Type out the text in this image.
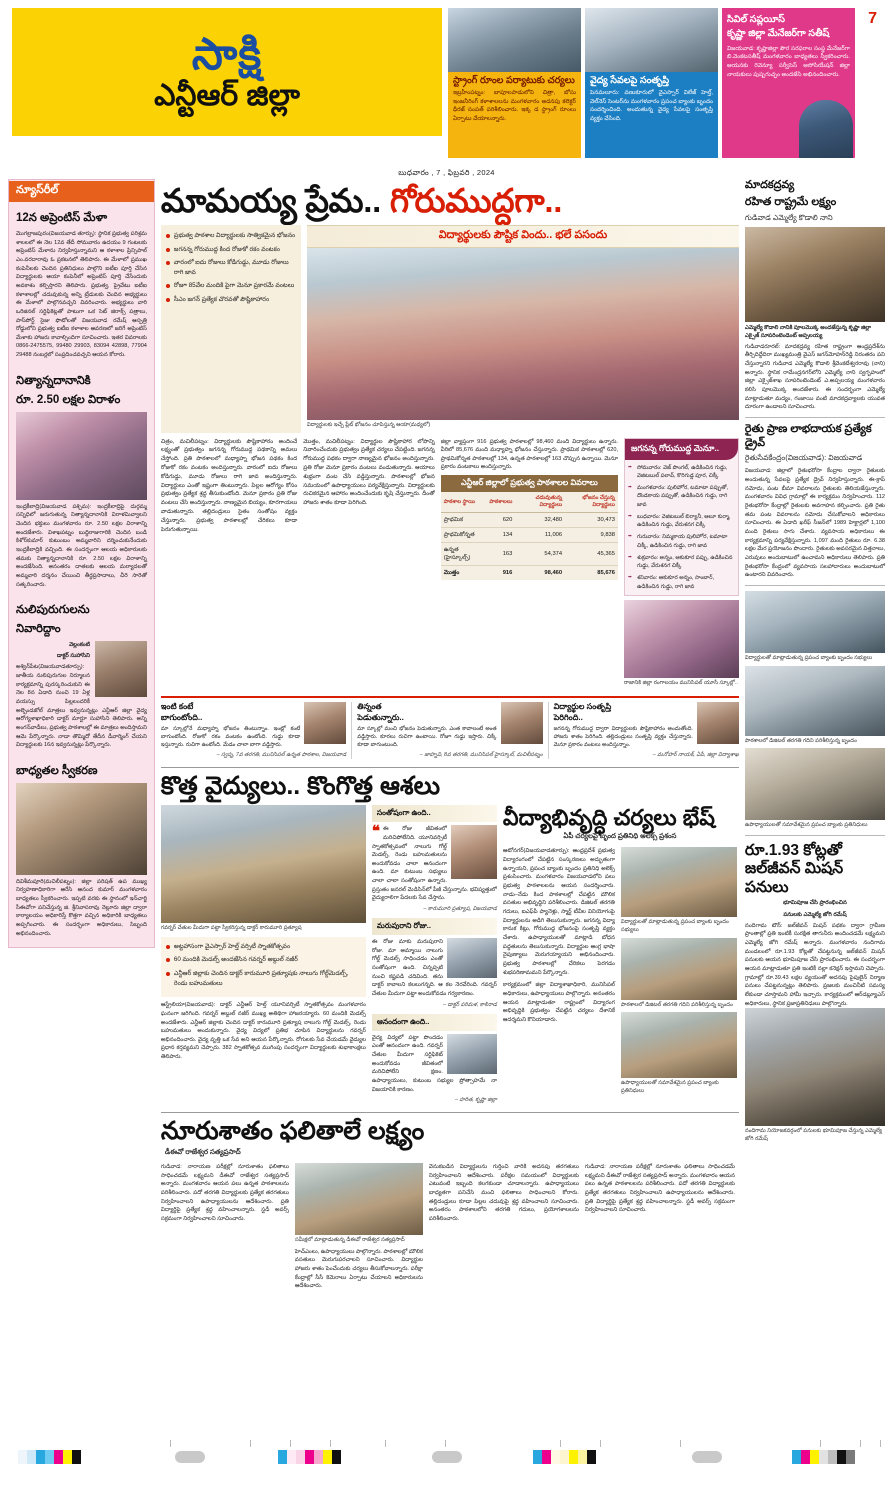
సాక్షి
ఎన్టీఆర్ జిల్లా
7
స్ట్రాంగ్ రూంల పర్యాటుకు చర్యలు
ఇబ్రహీంపట్నం: బాపూలపాడులోని చిత్రా, బోసు ఇంజనీరింగ్ కళాశాలలను మంగళవారం అదనపు కలెక్టర్ ధీరజ్ సంపత్ పరిశీలించారు. ఇక్క డ స్ట్రాంగ్ రూంలు ఏర్పాటు చేయాలన్నారు.
వైద్య సేవలపై సంతృప్తి
పెనమలూరు: వణుకూరులో వైఎస్సార్ విలేజ్ హెల్త్, వెల్‌నెస్ సెంటర్‌ను మంగళవారం ప్రపంచ బ్యాంకు బృందం సందర్శించింది. అందుతున్న వైద్య సేవలపై సంతృప్తి వ్యక్తం చేసింది.
సివిల్ సప్లయీస్
కృష్ణా జిల్లా మేనేజర్‌గా సతీష్
విజయవాడ: కృష్ణాజిల్లా పౌర సరఫరాల సంస్థ మేనేజర్‌గా బి.వెంకటసతీష్ మంగళవారం బాధ్యతలు స్వీకరించారు. ఆయనకు రెవెన్యూ సర్వీసెస్ అసోసియేషన్ జిల్లా నాయకులు పుష్పగుచ్ఛం అందజేసి అభినందించారు.
బుధవారం , 7 , ఫిబ్రవరి , 2024
న్యూస్‌రీల్
12న అప్రెంటిస్ మేళా
మొగల్రాజపురం(విజయవాడ తూర్పు): స్థానిక ప్రభుత్వ పరిశ్రమ శాలలలో ఈ నెల 12వ తేదీ సోమవారం ఉదయం 9 గంటలకు అప్రెంటిస్ మేళాను నిర్వహిస్తున్నామని ఆ కళాశాల ప్రిన్సిపాల్ ఎం.వరదారావు ఓ ప్రకటనలో తెలిపారు. ఈ మేళాలో ప్రముఖ కంపెనీలకు చెందిన ప్రతినిధులు పాల్గొని ఐటీఐ పూర్తి చేసిన విద్యార్థులకు ఆయా కంపెనీలో అప్రెంటిస్ పూర్తి చేసేందుకు అవకాశం కల్పిస్తారని తెలిపారు. ప్రభుత్వ, ప్రైవేటు ఐటీఐ కళాశాలల్లో చదువుకున్న అన్ని ట్రేడులకు చెందిన అభ్యర్థులు ఈ మేళాలో పాల్గొనవచ్చని వివరించారు. అభ్యర్థులు వారి ఒరిజినల్ సర్టిఫికెట్లతో పాటుగా ఒక సెట్ జిరాక్స్ పత్రాలు, పాస్‌పోర్ట్ సైజు ఫొటోలతో విజయవాడ రమేష్ ఆస్పత్రి రోడ్డులోని ప్రభుత్వ ఐటీఐ కళాశాల ఆవరణలో జరిగే అప్రెంటిస్ మేళాకు హాజరు కావాల్సిందిగా సూచించారు. ఇతర వివరాలకు 0866-2475575, 99480 29903, 83094 42898, 77904 29488 నంబర్లలో సంప్రదించవచ్చని ఆయన కోరారు.
నిత్యాన్నదానానికి
రూ. 2.50 లక్షల విరాళం
ఇంద్రకీలాద్రి(విజయవాడ పశ్చిమ): ఇంద్రకీలాద్రిపై దుర్గమ్మ సన్నిధిలో జరుగుతున్న నిత్యాన్నదానానికి విరాళమివ్వాలని చెందిన భక్తులు మంగళవారం రూ. 2.50 లక్షల విరాళాన్ని అందజేశారు. విశాఖపట్నం బుద్ధిరాజుగారికి చెందిన బండి కిశోర్‌కుమార్ కుటుంబం అమ్మవారిని దర్శించుకునేందుకు ఇంద్రకీలాద్రికి వచ్చింది. ఈ సందర్భంగా ఆలయ అధికారులకు తమకు నిత్యాన్నదానానికి రూ. 2.50 లక్షల విరాళాన్ని అందజేసింది. అనంతరం దాతలకు ఆలయ మర్యాదలతో అమ్మవారి దర్శనం చేయించి తీర్థప్రసాదాలు, చీరె సారెతో సత్కరించారు.
నులిపురుగులను
నివారిద్దాం
వెల్లంకంటి
డాక్టర్ సుహాసిని
అశ్విన్‌పేట(విజయవాడతూర్పు): జాతీయ నులిపురుగుల నిర్మూలన కార్యక్రమాన్ని పురస్కరించుకుని ఈ నెల 8న ఏడాది నుంచి 19 ఏళ్ల వయస్సు పిల్లలందరికీ అల్బెండజోల్ మాత్రలు ఇవ్వనున్నట్లు ఎన్టీఆర్ జిల్లా వైద్య ఆరోగ్యశాఖాధికారి డాక్టర్ మార్టూ సుహాసిని తెలిపారు. అన్ని అంగన్‌వాడీలు, ప్రభుత్వ పాఠశాలల్లో ఈ మాత్రలు అందిస్తామని ఆమె పేర్కొన్నారు. నాడా తొమ్మిదో తేదీన డీవార్మింగ్ చేయని విద్యార్థులకు 16న ఇవ్వనున్నట్లు పేర్కొన్నారు.
బాధ్యతల స్వీకరణ
దివిశీమపూరి(మచిలీపట్నం): జిల్లా పరిషత్ ఉప ముఖ్య నిర్వహణాధికారిగా ఆరేసి ఆనంద కుమార్ మంగళవారం బాధ్యతలు స్వీకరించారు. ఇప్పటి వరకు ఈ స్థానంలో ఇన్‌చార్జి సీఈవోగా పనిచేస్తున్న జి. శ్రీనివాసరావు నెల్లూరు జిల్లా ద్వారా కార్యాలయం అధికారిస్తే కొత్తగా వచ్చిన అధికారికి బాధ్యతలు అప్పగించారు. ఈ సందర్భంగా అధికారులు, సిబ్బంది అభినందించారు.
మామయ్య ప్రేమ.. గోరుముద్దగా..
ప్రభుత్వ పాఠశాల విద్యార్థులకు సాత్వికమైన భోజనం
జగనన్న గోరుముద్ద కింద రోజుకో రకం వంటకం
వారంలో ఐదు రోజులు కోడిగుడ్డు, మూడు రోజులు రాగి జావ
రోజూ 85వేల మందికి పైగా మెనూ ప్రకారమే వంటలు
సీఎం జగన్ ప్రత్యేక చొరవతో పౌష్టికాహారం
విద్యార్థులకు పౌష్టిక విందు.. భలే పసందు
విద్యార్థులకు ఇచ్చే ప్లేట్ భోజనం చూపిస్తున్న ఆయా(మధ్యలో)
చిత్రం, మచిలీపట్నం: విద్యార్థులకు పౌష్టికాహారం అందించే లక్ష్యంతో ప్రభుత్వం జగనన్న గోరుముద్ద పథకాన్ని అమలు చేస్తోంది. ప్రతి పాఠశాలలో మధ్యాహ్న భోజన పథకం కింద రోజుకో రకం వంటకం అందిస్తున్నారు. వారంలో ఐదు రోజులు కోడిగుడ్డు, మూడు రోజులు రాగి జావ అందిస్తున్నారు. విద్యార్థులు ఎంతో ఇష్టంగా తింటున్నారు. పిల్లల ఆరోగ్యం కోసం ప్రభుత్వం ప్రత్యేక శ్రద్ధ తీసుకుంటోంది. మెనూ ప్రకారం ప్రతి రోజు వంటలు చేసి అందిస్తున్నారు. నాణ్యమైన బియ్యం, కూరగాయలు వాడుతున్నారు. తల్లిదండ్రులు సైతం సంతోషం వ్యక్తం చేస్తున్నారు. ప్రభుత్వ పాఠశాలల్లో చేరికలు కూడా పెరుగుతున్నాయి.
మొత్తం, మచిలీపట్నం: విద్యార్థుల పౌష్టికాహార లోపాన్ని నివారించేందుకు ప్రభుత్వం ప్రత్యేక చర్యలు చేపట్టింది. జగనన్న గోరుముద్ద పథకం ద్వారా నాణ్యమైన భోజనం అందిస్తున్నారు. ప్రతి రోజు మెనూ ప్రకారం వంటలు వండుతున్నారు. ఆయాలు శుభ్రంగా వంట చేసి వడ్డిస్తున్నారు. పాఠశాలల్లో భోజన సమయంలో ఉపాధ్యాయులు పర్యవేక్షిస్తున్నారు. విద్యార్థులకు రుచికరమైన ఆహారం అందించేందుకు కృషి చేస్తున్నారు. దీంతో హాజరు శాతం కూడా పెరిగింది.
జిల్లా వ్యాప్తంగా 916 ప్రభుత్వ పాఠశాలల్లో 98,460 మంది విద్యార్థులు ఉన్నారు. వీరిలో 85,676 మంది మధ్యాహ్న భోజనం చేస్తున్నారు. ప్రాథమిక పాఠశాలల్లో 620, ప్రాథమికోన్నత పాఠశాలల్లో 134, ఉన్నత పాఠశాలల్లో 163 చొప్పున ఉన్నాయి. మెనూ ప్రకారం వంటకాలు అందిస్తున్నారు.
ఎన్టీఆర్ జిల్లాలో ప్రభుత్వ పాఠశాలల వివరాలు
పాఠశాల స్థాయి	పాఠశాలలు	చదువుతున్న విద్యార్థులు	భోజనం చేస్తున్న విద్యార్థులు
ప్రాథమిక	620	32,480	30,473
ప్రాథమికోన్నత	134	11,006	9,838
ఉన్నత (హైస్కూల్స్)	163	54,374	45,365
మొత్తం	916	98,460	85,676
జగనన్న గోరుముద్ద మెనూ..
➡ సోమవారం: వెజ్ పొంగల్, ఉడికించిన గుడ్డు, వెజిటబుల్ పలావ్, కొరిగుడ్డ పూర, చిక్కీ
➡ మంగళవారం: పులిహోర, టమాటా పప్పుతో, దొండకాయ పప్పుతో, ఉడికించిన గుడ్డు, రాగి జావ
➡ బుధవారం: వెజిటబుల్ బిర్యానీ, ఆలూ కుర్మా, ఉడికించిన గుడ్డు, వేరుశనగ చిక్కీ
➡ గురువారం: నిమ్మకాయ పులిహోర, టమాటా చిక్కీ, ఉడికించిన గుడ్డు, రాగి జావ
➡ శుక్రవారం: అన్నం, ఆకుకూర పప్పు, ఉడికించిన గుడ్డు, వేరుశనగ చిక్కీ
➡ శనివారం: ఆకుకూర అన్నం, సాంబార్, ఉడికించిన గుడ్డు, రాగి జావ
రాజానికి జిల్లా రంగాలయం మునిసిపల్ యూసీ స్కూల్లో..
ఇంటి కంటే
బాగుంటోంది..
మా స్కూల్లోనే మధ్యాహ్న భోజనం తింటున్నాం. ఇంట్లో కంటే బాగుంటోంది. రోజుకో రకం వంటకం ఉంటోంది. గుడ్డు కూడా ఇస్తున్నారు. రుచిగా ఉంటోంది. మేడం చాలా బాగా వడ్డిస్తారు.
– స్వప్న, 7వ తరగతి, మునిసిపల్ ఉన్నత పాఠశాల, విజయవాడ
తిన్నంత
పెడుతున్నారు..
మా స్కూల్లో మంచి భోజనం పెడుతున్నారు. ఎంత కావాలంటే అంత వడ్డిస్తారు. కూరలు రుచిగా ఉంటాయి. రోజూ గుడ్డు ఇస్తారు. చిక్కీ కూడా బాగుంటుంది.
– జాహ్నవి, 8వ తరగతి, మునిసిపల్ హైస్కూల్, మచిలీపట్నం
విద్యార్థుల సంతృప్తి
పెరిగింది..
జగనన్న గోరుముద్ద ద్వారా విద్యార్థులకు పౌష్టికాహారం అందుతోంది. హాజరు శాతం పెరిగింది. తల్లిదండ్రులు సంతృప్తి వ్యక్తం చేస్తున్నారు. మెనూ ప్రకారం వంటలు అందిస్తున్నాం.
– మనోహర్ నాయక్, ఏపీ, జిల్లా విద్యాశాఖ
కొత్త వైద్యులు.. కొంగొత్త ఆశలు
గవర్నర్ చేతుల మీదుగా పట్టా స్వీకరిస్తున్న డాక్టర్ కారుమూరి ప్రత్యూష
అట్టహాసంగా వైఎస్సార్ హెల్త్ వర్సిటీ స్నాతకోత్సవం
60 మందికి మెడల్స్ అందజేసిన గవర్నర్ అబ్దుల్ నజీర్
ఎన్టీఆర్ జిల్లాకు చెందిన డాక్టర్ కారుమూరి ప్రత్యూషకు నాలుగు గోల్డ్‌మెడల్స్, రెండు బహుమతులు
ఆస్ట్రేలియా(విజయవాడ): డాక్టర్ ఎన్టీఆర్ హెల్త్ యూనివర్సిటీ స్నాతకోత్సవం మంగళవారం ఘనంగా జరిగింది. గవర్నర్ అబ్దుల్ నజీర్ ముఖ్య అతిథిగా హాజరయ్యారు. 60 మందికి మెడల్స్ అందజేశారు. ఎన్టీఆర్ జిల్లాకు చెందిన డాక్టర్ కారుమూరి ప్రత్యూష నాలుగు గోల్డ్ మెడల్స్, రెండు బహుమతులు అందుకున్నారు. వైద్య విద్యలో ప్రతిభ చూపిన విద్యార్థులను గవర్నర్ అభినందించారు. వైద్య వృత్తి ఒక సేవ అని ఆయన పేర్కొన్నారు. రోగులకు సేవ చేయడమే వైద్యుల ప్రధాన కర్తవ్యమని చెప్పారు. 382 స్నాతకోత్సవ ముగింపు సందర్భంగా విద్యార్థులకు శుభాకాంక్షలు తెలిపారు.
సంతోషంగా ఉంది..
❝ ఈ రోజు జీవితంలో మరిచిపోలేనిది. యూనివర్సిటీ స్నాతకోత్సవంలో నాలుగు గోల్డ్ మెడల్స్, రెండు బహుమతులను అందుకోవడం చాలా ఆనందంగా ఉంది. మా కుటుంబ సభ్యులు చాలా చాలా సంతోషంగా ఉన్నారు. ప్రస్తుతం జనరల్ మెడిసిన్‌లో పీజీ చేస్తున్నాను. భవిష్యత్తులో వైద్యురాలిగా పేదలకు సేవ చేస్తాను.
– కారుమూరి ప్రత్యూష, విజయవాడ
మరుపురాని రోజు..
ఈ రోజు మాకు మరుపురాని రోజు. మా అమ్మాయి నాలుగు గోల్డ్ మెడల్స్ సాధించడం ఎంతో సంతోషంగా ఉంది. చిన్నప్పటి నుంచి కష్టపడి చదివింది. తను డాక్టర్ కావాలని కలలుగన్నది. ఆ కల నెరవేరింది. గవర్నర్ చేతుల మీదుగా పట్టా అందుకోవడం గర్వకారణం.
– డాక్టర్ పరిమళ, కాకినాడ
ఆనందంగా ఉంది..
వైద్య విద్యలో పట్టా పొందడం ఎంతో ఆనందంగా ఉంది. గవర్నర్ చేతుల మీదుగా సర్టిఫికెట్ అందుకోవడం జీవితంలో మరిచిపోలేని క్షణం. ఉపాధ్యాయులు, కుటుంబ సభ్యుల ప్రోత్సాహమే నా విజయానికి కారణం.
– హరిత, కృష్ణా జిల్లా
వీద్యాభివృద్ధి చర్యలు భేష్
ఏపీ చర్యలపై బృంద ప్రతినిధి అలెక్స్ ప్రశంస
ఆటోనగర్(విజయవాడతూర్పు): ఆంధ్రప్రదేశ్ ప్రభుత్వ విద్యారంగంలో చేపట్టిన సంస్కరణలు అద్భుతంగా ఉన్నాయని, ప్రపంచ బ్యాంకు బృందం ప్రతినిధి అలెక్స్ ప్రశంసించారు. మంగళవారం విజయవాడలోని పలు ప్రభుత్వ పాఠశాలలను ఆయన సందర్శించారు. నాడు–నేడు కింద పాఠశాలల్లో చేపట్టిన మౌలిక వసతుల అభివృద్ధిని పరిశీలించారు. డిజిటల్ తరగతి గదులు, ఐఎఫ్‌పీ ప్యానెళ్లు, స్మార్ట్ టీవీల వినియోగంపై విద్యార్థులను అడిగి తెలుసుకున్నారు. జగనన్న విద్యా కానుక కిట్లు, గోరుముద్ద భోజనంపై సంతృప్తి వ్యక్తం చేశారు. ఉపాధ్యాయులతో మాట్లాడి బోధన పద్ధతులను తెలుసుకున్నారు. విద్యార్థుల ఆంగ్ల భాషా నైపుణ్యాలు మెరుగయ్యాయని అభినందించారు. ప్రభుత్వ పాఠశాలల్లో చేరికలు పెరగడం శుభపరిణామమని పేర్కొన్నారు.
కార్యక్రమంలో జిల్లా విద్యాశాఖాధికారి, మునిసిపల్ అధికారులు, ఉపాధ్యాయులు పాల్గొన్నారు. అనంతరం ఆయన మాట్లాడుతూ రాష్ట్రంలో విద్యారంగ అభివృద్ధికి ప్రభుత్వం చేపట్టిన చర్యలు దేశానికే ఆదర్శమని కొనియాడారు.
విద్యార్థులతో మాట్లాడుతున్న ప్రపంచ బ్యాంకు బృందం సభ్యులు
పాఠశాలలో డిజిటల్ తరగతి గదిని పరిశీలిస్తున్న బృందం
ఉపాధ్యాయులతో సమావేశమైన ప్రపంచ బ్యాంకు ప్రతినిధులు
నూరుశాతం ఫలితాలే లక్ష్యం
డీఈవో రాజేశ్వర సత్యప్రసాద్
గుడివాడ: నారాయణ పరీక్షల్లో నూరుశాతం ఫలితాలు సాధించడమే లక్ష్యమని డీఈవో రాజేశ్వర సత్యప్రసాద్ అన్నారు. మంగళవారం ఆయన పలు ఉన్నత పాఠశాలలను పరిశీలించారు. పదో తరగతి విద్యార్థులకు ప్రత్యేక తరగతులు నిర్వహించాలని ఉపాధ్యాయులను ఆదేశించారు. ప్రతి విద్యార్థిపై ప్రత్యేక శ్రద్ధ వహించాలన్నారు. స్టడీ అవర్స్ సక్రమంగా నిర్వహించాలని సూచించారు.
సమీక్షలో మాట్లాడుతున్న డీఈవో రాజేశ్వర సత్యప్రసాద్
హెచ్‌ఎంలు, ఉపాధ్యాయులు పాల్గొన్నారు. పాఠశాలల్లో మౌలిక వసతులు మెరుగుపరచాలని సూచించారు. విద్యార్థుల హాజరు శాతం పెంచేందుకు చర్యలు తీసుకోవాలన్నారు. పరీక్షా కేంద్రాల్లో సీసీ కెమెరాలు ఏర్పాటు చేయాలని అధికారులను ఆదేశించారు.
వెనుకబడిన విద్యార్థులను గుర్తించి వారికి అదనపు తరగతులు నిర్వహించాలని ఆదేశించారు. పరీక్షల సమయంలో విద్యార్థులకు ఎటువంటి ఇబ్బంది కలగకుండా చూడాలన్నారు. ఉపాధ్యాయులు బాధ్యతగా పనిచేసి మంచి ఫలితాలు సాధించాలని కోరారు. తల్లిదండ్రులు కూడా పిల్లల చదువుపై శ్రద్ధ వహించాలని సూచించారు. అనంతరం పాఠశాలలోని తరగతి గదులు, ప్రయోగశాలలను పరిశీలించారు.
గుడివాడ: నారాయణ పరీక్షల్లో నూరుశాతం ఫలితాలు సాధించడమే లక్ష్యమని డీఈవో రాజేశ్వర సత్యప్రసాద్ అన్నారు. మంగళవారం ఆయన పలు ఉన్నత పాఠశాలలను పరిశీలించారు. పదో తరగతి విద్యార్థులకు ప్రత్యేక తరగతులు నిర్వహించాలని ఉపాధ్యాయులను ఆదేశించారు. ప్రతి విద్యార్థిపై ప్రత్యేక శ్రద్ధ వహించాలన్నారు. స్టడీ అవర్స్ సక్రమంగా నిర్వహించాలని సూచించారు.
మాదకద్రవ్య
రహిత రాష్ట్రమే లక్ష్యం
గుడివాడ ఎమ్మెల్యే కొడాలి నాని
ఎమ్మెల్యే కొడాలి నానికి పూలమొక్క అందజేస్తున్న కృష్ణా జిల్లా ఎక్సైజ్ సూపరింటెండెంట్ అప్పలయ్య
గుడివాడరూరల్: మాదకద్రవ్య రహిత రాష్ట్రంగా ఆంధ్రప్రదేశ్‌ను తీర్చిదిద్దేదిరా ముఖ్యమంత్రి వైఎస్ జగన్‌మోహన్‌రెడ్డి నిరంతరం పని చేస్తున్నారని గుడివాడ ఎమ్మెల్యే కొడాలి శ్రీవెంకటేశ్వరరావు (నాని) అన్నారు. స్థానిక రామేంద్రనగర్‌లోని ఎమ్మెల్యే నాని స్వగృహంలో జిల్లా ఎక్సైజ్‌శాఖ సూపరింటెండెంట్ ఎ.అప్పలయ్య మంగళవారం కలిసి పూలమొక్క అందజేశారు. ఈ సందర్భంగా ఎమ్మెల్యే మాట్లాడుతూ మద్యం, గంజాయి వంటి మాదకద్రవ్యాలకు యువత దూరంగా ఉండాలని సూచించారు.
రైతు ప్రాణ లాభదాయక ప్రత్యేక డ్రైవ్
రైతుసేవకేంద్రం(విజయవాడ): విజయవాడ
విజయవాడ: జిల్లాలో రైతుభరోసా కేంద్రాల ద్వారా రైతులకు అందుతున్న సేవలపై ప్రత్యేక డ్రైవ్ నిర్వహిస్తున్నారు. ఈ-క్రాప్ నమోదు, పంట బీమా వివరాలను రైతులకు తెలియజేస్తున్నారు. మంగళవారం వివిధ గ్రామాల్లో ఈ కార్యక్రమం నిర్వహించారు. 112 రైతుభరోసా కేంద్రాల్లో రైతులకు అవగాహన కల్పించారు. ప్రతి రైతు తమ పంట వివరాలను నమోదు చేసుకోవాలని అధికారులు సూచించారు. ఈ ఏడాది ఖరీఫ్ సీజన్‌లో 1989 హెక్టార్లలో 1,100 మంది రైతులు సాగు చేశారు. వ్యవసాయ అధికారులు ఈ కార్యక్రమాన్ని పర్యవేక్షిస్తున్నారు. 1,097 మంది రైతులు రూ. 6.38 లక్షల మేర ప్రయోజనం పొందారు. రైతులకు అవసరమైన విత్తనాలు, ఎరువులు అందుబాటులో ఉంచామని అధికారులు తెలిపారు. ప్రతి రైతుభరోసా కేంద్రంలో వ్యవసాయ సలహాదారులు అందుబాటులో ఉంటారని వివరించారు.
విద్యార్థులతో మాట్లాడుతున్న ప్రపంచ బ్యాంకు బృందం సభ్యులు
పాఠశాలలో డిజిటల్ తరగతి గదిని పరిశీలిస్తున్న బృందం
ఉపాధ్యాయులతో సమావేశమైన ప్రపంచ బ్యాంకు ప్రతినిధులు
రూ.1.93 కోట్లతో జల్‌జీవన్ మిషన్ పనులు
భూమిపూజ చేసి ప్రారంభించిన
పనులకు ఎమ్మెల్యే జోగి రమేష్
నందిగామ టౌన్: జల్‌జీవన్ మిషన్ పథకం ద్వారా గ్రామీణ ప్రాంతాల్లో ప్రతి ఇంటికీ సురక్షిత తాగునీరు అందించడమే లక్ష్యమని ఎమ్మెల్యే జోగి రమేష్ అన్నారు. మంగళవారం నందిగామ మండలంలో రూ.1.93 కోట్లతో చేపట్టనున్న జల్‌జీవన్ మిషన్ పనులకు ఆయన భూమిపూజ చేసి ప్రారంభించారు. ఈ సందర్భంగా ఆయన మాట్లాడుతూ ప్రతి ఇంటికీ నల్లా కనెక్షన్ ఇస్తామని చెప్పారు. గ్రామాల్లో రూ.39.43 లక్షల వ్యయంతో అదనపు పైపులైన్ నిర్మాణ పనులు చేపట్టనున్నట్లు తెలిపారు. ప్రజలకు మంచినీటి సమస్య లేకుండా చూస్తామని హామీ ఇచ్చారు. కార్యక్రమంలో ఆర్‌డబ్ల్యూఎస్ అధికారులు, స్థానిక ప్రజాప్రతినిధులు పాల్గొన్నారు.
నందిగామ నియోజకవర్గంలో పనులకు భూమిపూజ చేస్తున్న ఎమ్మెల్యే జోగి రమేష్
